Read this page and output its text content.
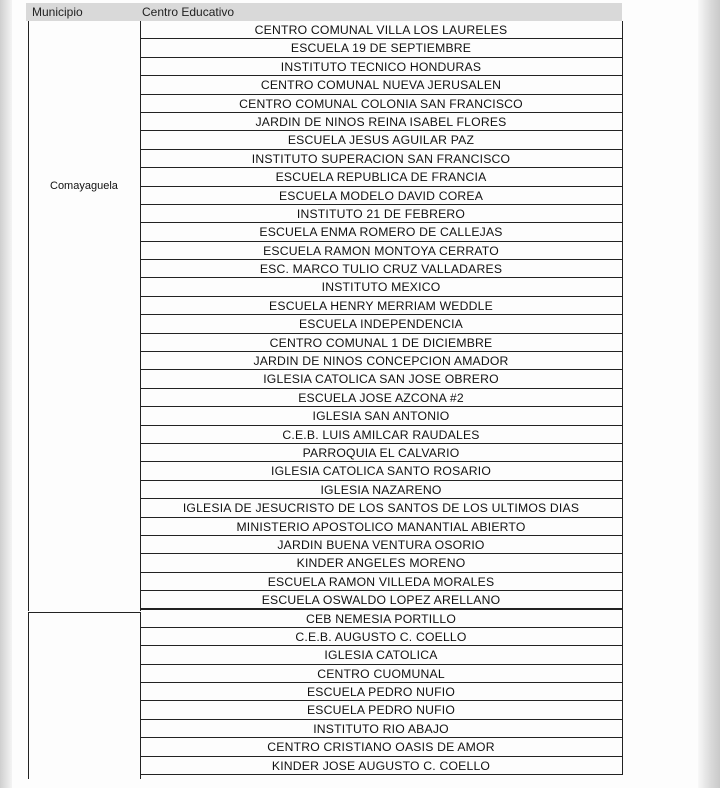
Municipio	Centro Educativo
Comayaguela
CENTRO COMUNAL VILLA LOS LAURELES
ESCUELA 19 DE SEPTIEMBRE
INSTITUTO TECNICO HONDURAS
CENTRO COMUNAL NUEVA JERUSALEN
CENTRO COMUNAL COLONIA SAN FRANCISCO
JARDIN DE NINOS REINA ISABEL FLORES
ESCUELA JESUS AGUILAR PAZ
INSTITUTO SUPERACION SAN FRANCISCO
ESCUELA REPUBLICA DE FRANCIA
ESCUELA MODELO DAVID COREA
INSTITUTO 21 DE FEBRERO
ESCUELA ENMA ROMERO DE CALLEJAS
ESCUELA RAMON MONTOYA CERRATO
ESC. MARCO TULIO CRUZ VALLADARES
INSTITUTO MEXICO
ESCUELA HENRY MERRIAM WEDDLE
ESCUELA INDEPENDENCIA
CENTRO COMUNAL 1 DE DICIEMBRE
JARDIN DE NINOS CONCEPCION AMADOR
IGLESIA CATOLICA SAN JOSE OBRERO
ESCUELA JOSE AZCONA #2
IGLESIA SAN ANTONIO
C.E.B. LUIS AMILCAR RAUDALES
PARROQUIA EL CALVARIO
IGLESIA CATOLICA SANTO ROSARIO
IGLESIA NAZARENO
IGLESIA DE JESUCRISTO DE LOS SANTOS DE LOS ULTIMOS DIAS
MINISTERIO APOSTOLICO MANANTIAL ABIERTO
JARDIN BUENA VENTURA OSORIO
KINDER ANGELES MORENO
ESCUELA RAMON VILLEDA MORALES
ESCUELA OSWALDO LOPEZ ARELLANO
CEB NEMESIA PORTILLO
C.E.B. AUGUSTO C. COELLO
IGLESIA CATOLICA
CENTRO CUOMUNAL
ESCUELA PEDRO NUFIO
ESCUELA PEDRO NUFIO
INSTITUTO RIO ABAJO
CENTRO CRISTIANO OASIS DE AMOR
KINDER JOSE AUGUSTO C. COELLO
